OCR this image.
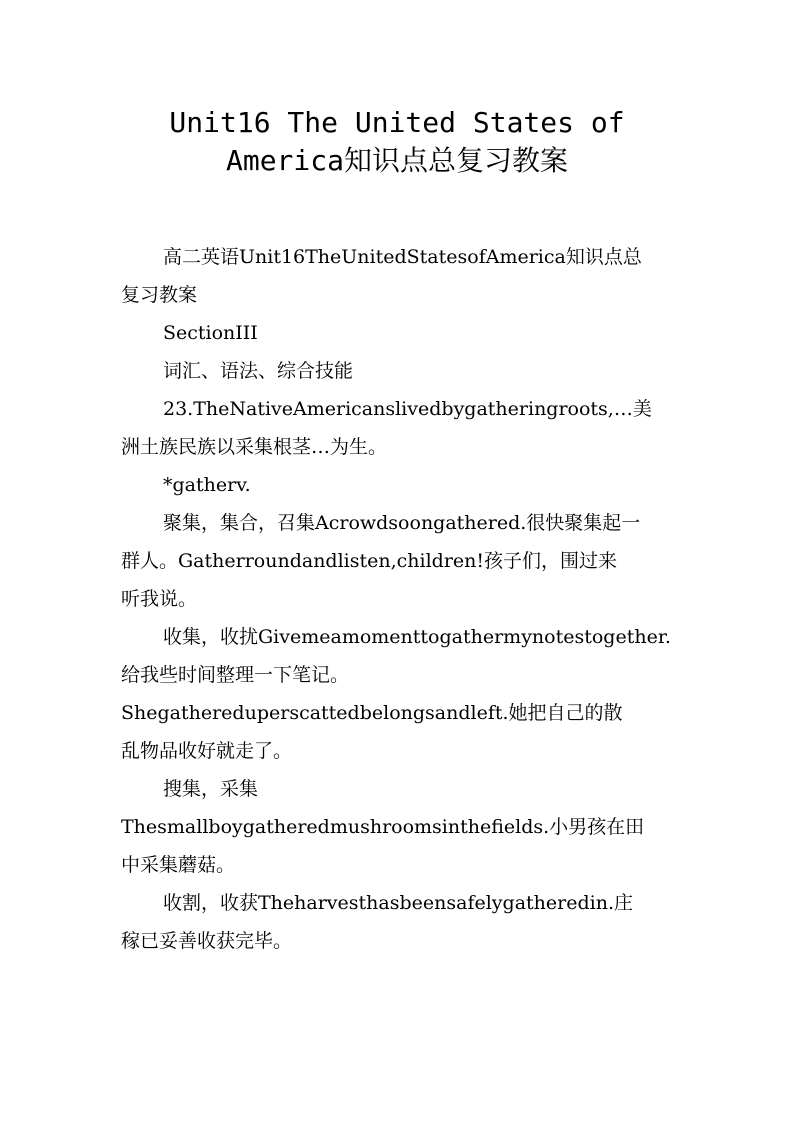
Unit16 The United States of
America知识点总复习教案

高二英语Unit16TheUnitedStatesofAmerica知识点总
复习教案

SectionIII

词汇、语法、综合技能

23.TheNativeAmericanslivedbygatheringroots,…美
洲土族民族以采集根茎…为生。

*gatherv.

聚集，集合，召集Acrowdsoongathered.很快聚集起一
群人。Gatherroundandlisten,children!孩子们，围过来
听我说。

收集，收扰Givemeamomenttogathermynotestogether.
给我些时间整理一下笔记。
Shegathereduperscattedbelongsandleft.她把自己的散
乱物品收好就走了。

搜集，采集
Thesmallboygatheredmushroomsinthefields.小男孩在田
中采集蘑菇。

收割，收获Theharvesthasbeensafelygatheredin.庄
稼已妥善收获完毕。
